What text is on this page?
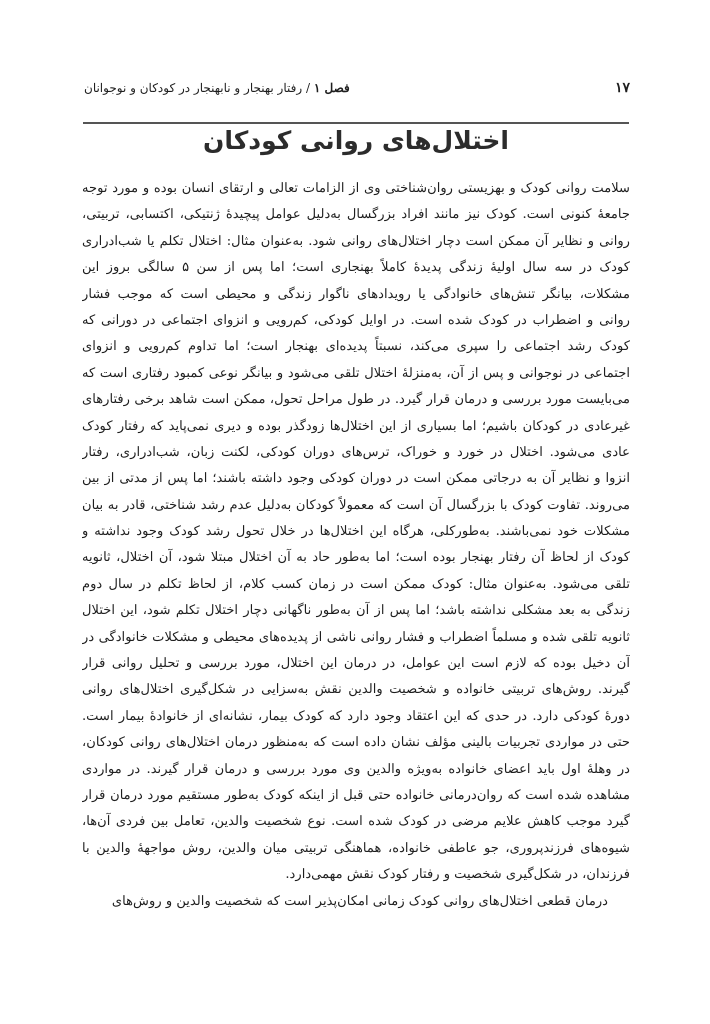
فصل ۱ / رفتار بهنجار و نابهنجار در کودکان و نوجوانان	۱۷
اختلال‌های روانی کودکان
سلامت روانی کودک و بهزیستی روان‌شناختی وی از الزامات تعالی و ارتقای انسان بوده و مورد توجه
جامعهٔ کنونی است. کودک نیز مانند افراد بزرگسال به‌دلیل عوامل پیچیدهٔ ژنتیکی، اکتسابی، تربیتی،
روانی و نظایر آن ممکن است دچار اختلال‌های روانی شود. به‌عنوان مثال: اختلال تکلم یا شب‌ادراری
کودک در سه سال اولیهٔ زندگی پدیدهٔ کاملاً بهنجاری است؛ اما پس از سن ۵ سالگی بروز این
مشکلات، بیانگر تنش‌های خانوادگی یا رویدادهای ناگوار زندگی و محیطی است که موجب فشار
روانی و اضطراب در کودک شده است. در اوایل کودکی، کم‌رویی و انزوای اجتماعی در دورانی که
کودک رشد اجتماعی را سپری می‌کند، نسبتاً پدیده‌ای بهنجار است؛ اما تداوم کم‌رویی و انزوای
اجتماعی در نوجوانی و پس از آن، به‌منزلهٔ اختلال تلقی می‌شود و بیانگر نوعی کمبود رفتاری است که
می‌بایست مورد بررسی و درمان قرار گیرد. در طول مراحل تحول، ممکن است شاهد برخی رفتارهای
غیرعادی در کودکان باشیم؛ اما بسیاری از این اختلال‌ها زودگذر بوده و دیری نمی‌پاید که رفتار کودک
عادی می‌شود. اختلال در خورد و خوراک، ترس‌های دوران کودکی، لکنت زبان، شب‌ادراری، رفتار
انزوا و نظایر آن به درجاتی ممکن است در دوران کودکی وجود داشته باشند؛ اما پس از مدتی از بین
می‌روند. تفاوت کودک با بزرگسال آن است که معمولاً کودکان به‌دلیل عدم رشد شناختی، قادر به بیان
مشکلات خود نمی‌باشند. به‌طورکلی، هرگاه این اختلال‌ها در خلال تحول رشد کودک وجود نداشته و
کودک از لحاظ آن رفتار بهنجار بوده است؛ اما به‌طور حاد به آن اختلال مبتلا شود، آن اختلال، ثانویه
تلقی می‌شود. به‌عنوان مثال: کودک ممکن است در زمان کسب کلام، از لحاظ تکلم در سال دوم
زندگی به بعد مشکلی نداشته باشد؛ اما پس از آن به‌طور ناگهانی دچار اختلال تکلم شود، این اختلال
ثانویه تلقی شده و مسلماً اضطراب و فشار روانی ناشی از پدیده‌های محیطی و مشکلات خانوادگی در
آن دخیل بوده که لازم است این عوامل، در درمان این اختلال، مورد بررسی و تحلیل روانی قرار
گیرند. روش‌های تربیتی خانواده و شخصیت والدین نقش به‌سزایی در شکل‌گیری اختلال‌های روانی
دورهٔ کودکی دارد. در حدی که این اعتقاد وجود دارد که کودک بیمار، نشانه‌ای از خانوادهٔ بیمار است.
حتی در مواردی تجربیات بالینی مؤلف نشان داده است که به‌منظور درمان اختلال‌های روانی کودکان،
در وهلهٔ اول باید اعضای خانواده به‌ویژه والدین وی مورد بررسی و درمان قرار گیرند. در مواردی
مشاهده شده است که روان‌درمانی خانواده حتی قبل از اینکه کودک به‌طور مستقیم مورد درمان قرار
گیرد موجب کاهش علایم مرضی در کودک شده است. نوع شخصیت والدین، تعامل بین فردی آن‌ها،
شیوه‌های فرزندپروری، جو عاطفی خانواده، هماهنگی تربیتی میان والدین، روش مواجههٔ والدین با
فرزندان، در شکل‌گیری شخصیت و رفتار کودک نقش مهمی‌دارد.
درمان قطعی اختلال‌های روانی کودک زمانی امکان‌پذیر است که شخصیت والدین و روش‌های
